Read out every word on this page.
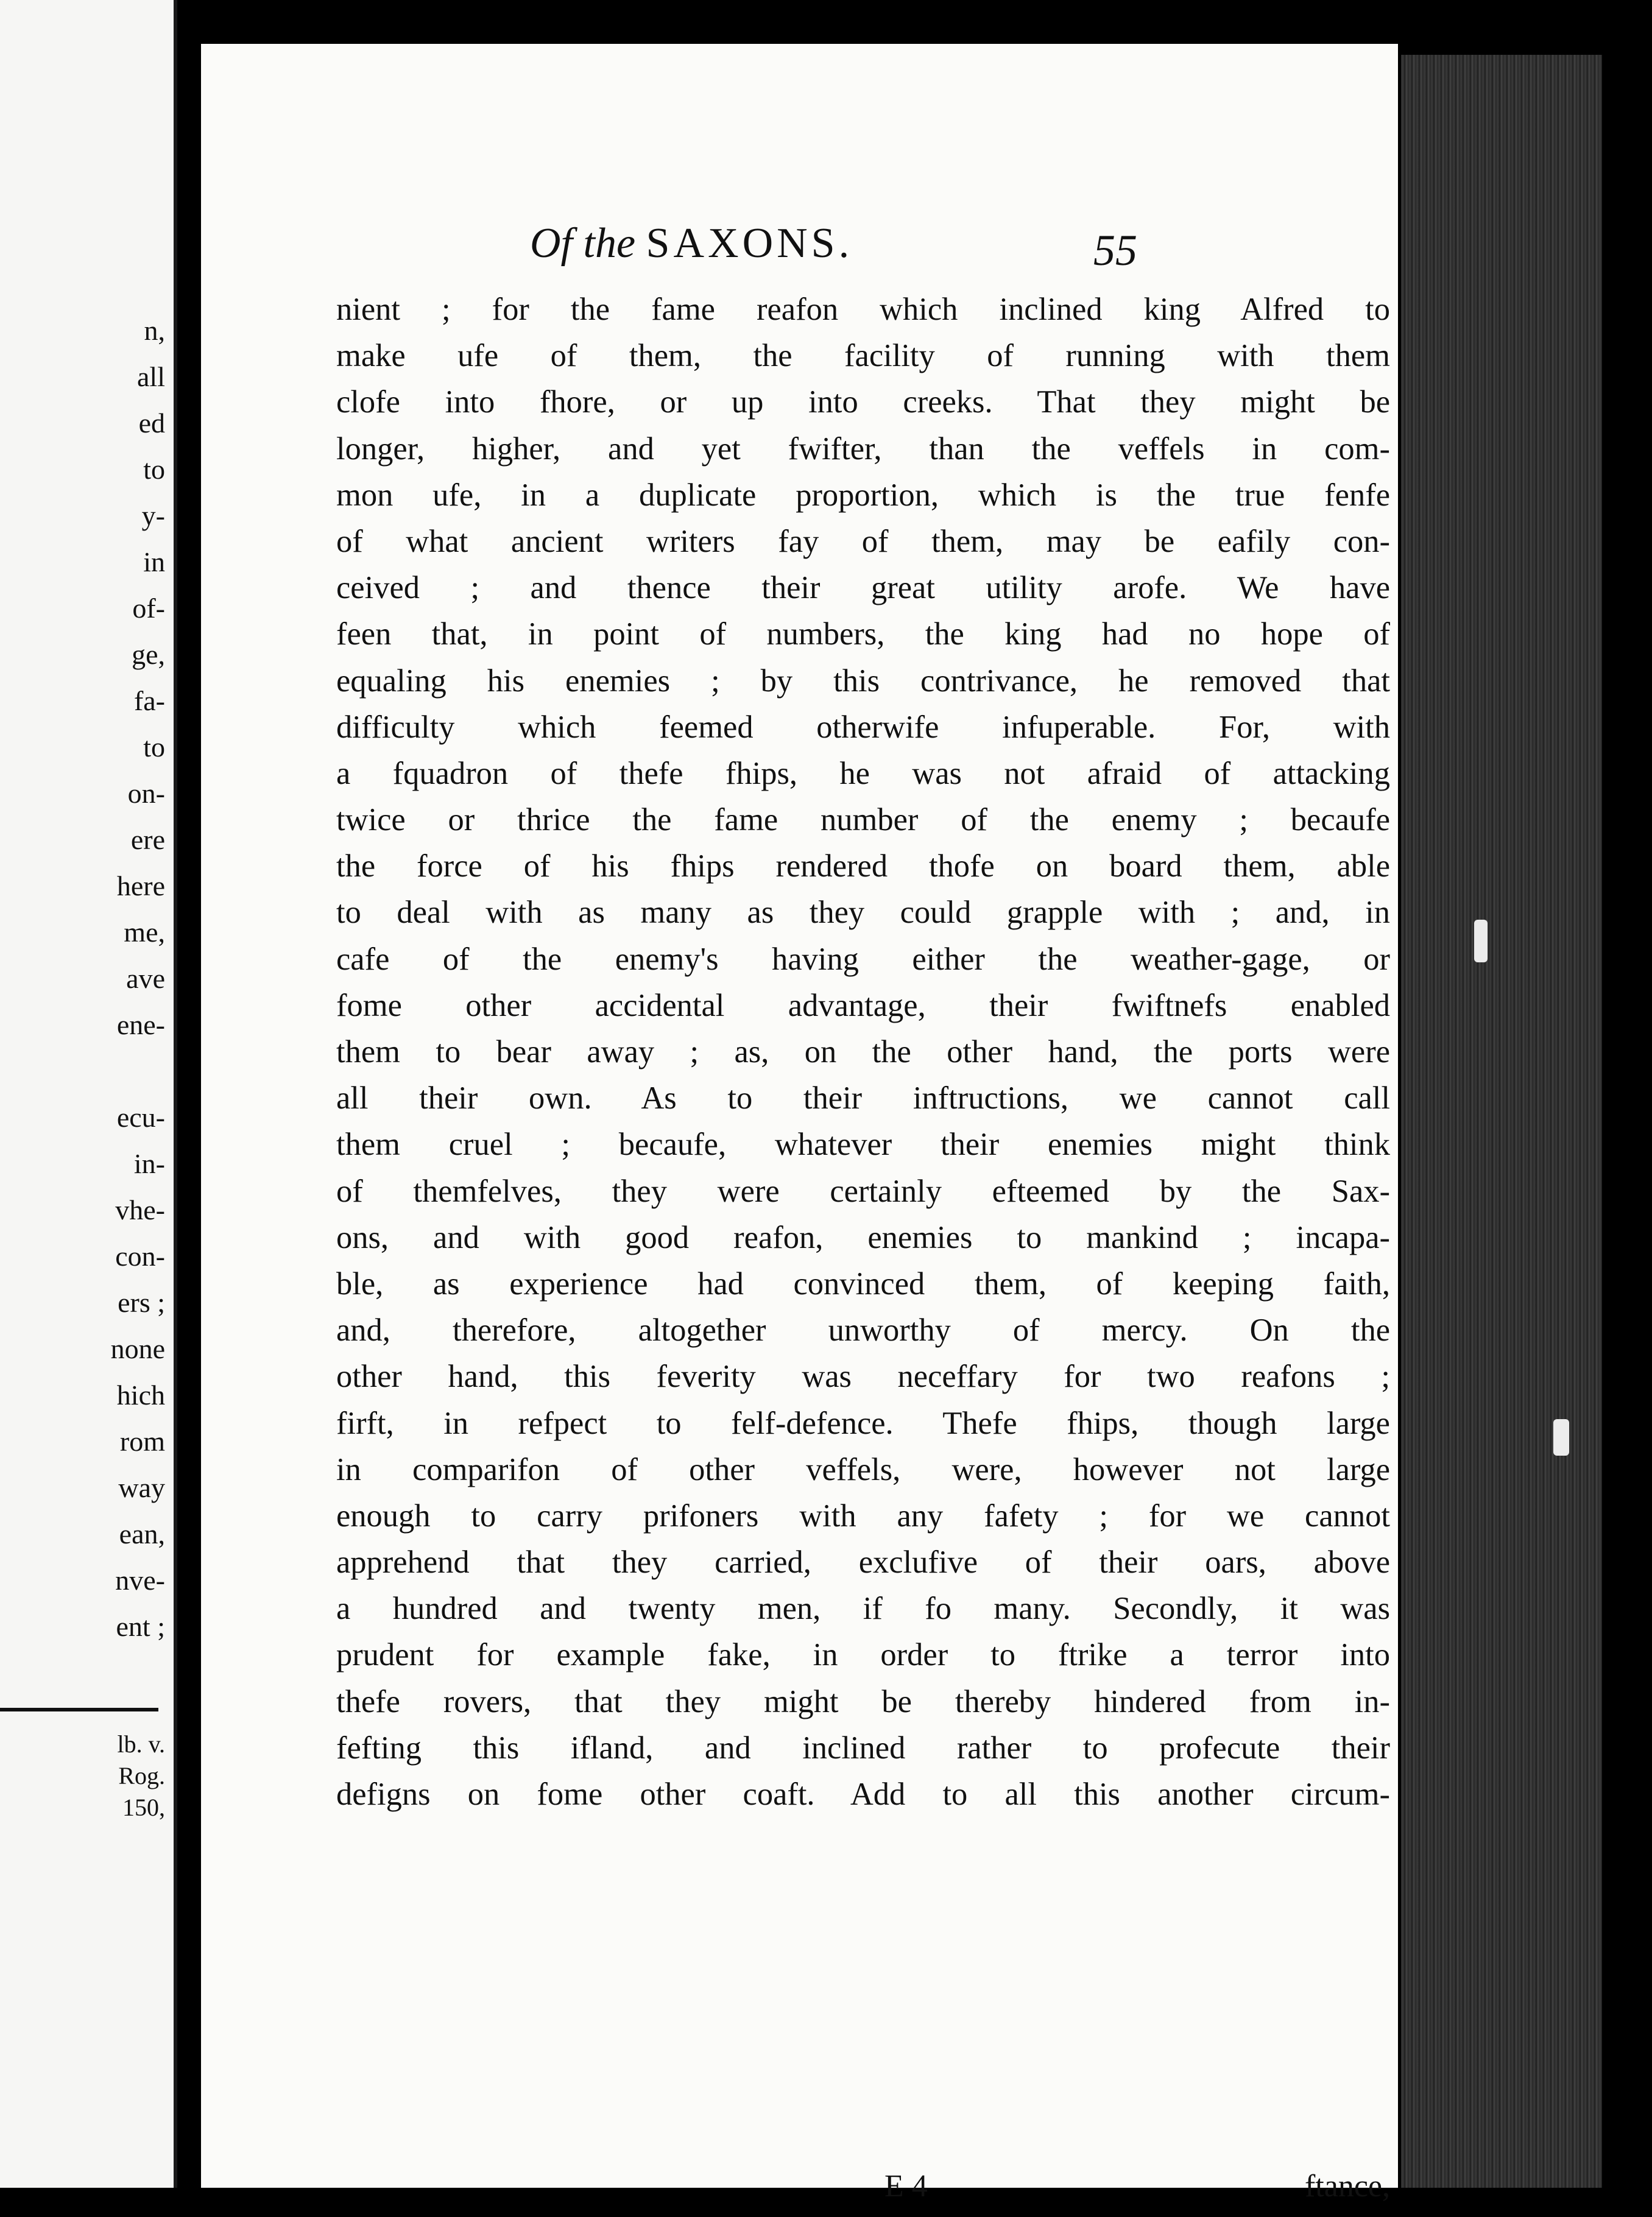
n,
all
ed
to
y-
in
of-
ge,
fa-
to
on-
ere
here
me,
ave
ene-
ecu-
in-
vhe-
con-
ers ;
none
hich
rom
way
ean,
nve-
ent ;
lb. v.
Rog.
150,
Of the SAXONS.	55
nient ; for the fame reafon which inclined king Alfred to
make ufe of them, the facility of running with them
clofe into fhore, or up into creeks. That they might be
longer, higher, and yet fwifter, than the veffels in com-
mon ufe, in a duplicate proportion, which is the true fenfe
of what ancient writers fay of them, may be eafily con-
ceived ; and thence their great utility arofe. We have
feen that, in point of numbers, the king had no hope of
equaling his enemies ; by this contrivance, he removed that
difficulty which feemed otherwife infuperable. For, with
a fquadron of thefe fhips, he was not afraid of attacking
twice or thrice the fame number of the enemy ; becaufe
the force of his fhips rendered thofe on board them, able
to deal with as many as they could grapple with ; and, in
cafe of the enemy's having either the weather-gage, or
fome other accidental advantage, their fwiftnefs enabled
them to bear away ; as, on the other hand, the ports were
all their own. As to their inftructions, we cannot call
them cruel ; becaufe, whatever their enemies might think
of themfelves, they were certainly efteemed by the Sax-
ons, and with good reafon, enemies to mankind ; incapa-
ble, as experience had convinced them, of keeping faith,
and, therefore, altogether unworthy of mercy. On the
other hand, this feverity was neceffary for two reafons ;
firft, in refpect to felf-defence. Thefe fhips, though large
in comparifon of other veffels, were, however not large
enough to carry prifoners with any fafety ; for we cannot
apprehend that they carried, exclufive of their oars, above
a hundred and twenty men, if fo many. Secondly, it was
prudent for example fake, in order to ftrike a terror into
thefe rovers, that they might be thereby hindered from in-
fefting this ifland, and inclined rather to profecute their
defigns on fome other coaft. Add to all this another circum-
E 4	ftance,
